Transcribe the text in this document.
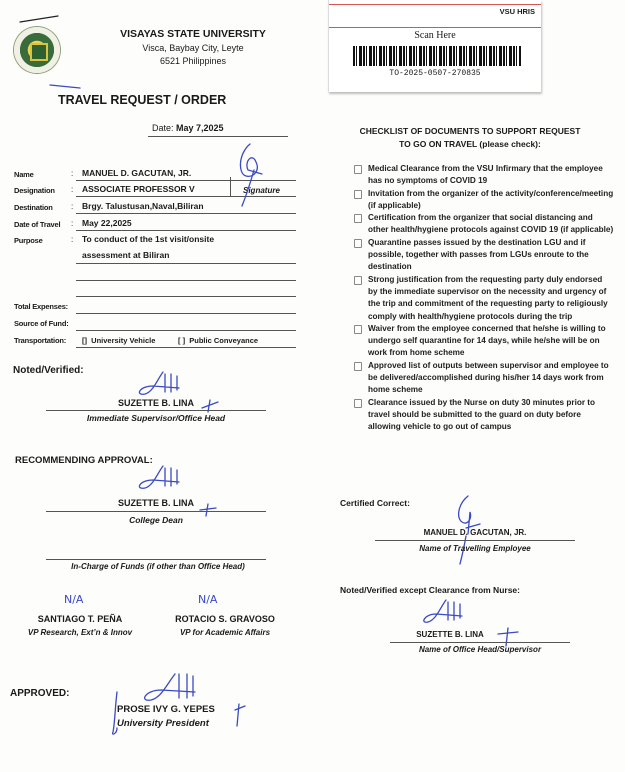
VISAYAS STATE UNIVERSITY
Visca, Baybay City, Leyte
6521 Philippines
TRAVEL REQUEST / ORDER
Date: May 7,2025
VSU HRIS
Scan Here
TO-2025-0507-270835
Name	: MANUEL D. GACUTAN, JR.
Designation : ASSOCIATE PROFESSOR V	Signature
Destination : Brgy. Talustusan,Naval,Biliran
Date of Travel : May 22,2025
Purpose	: To conduct of the 1st visit/onsite
assessment at Biliran
Total Expenses:
Source of Fund:
Transportation: [] University Vehicle	[ ] Public Conveyance
Noted/Verified:
SUZETTE B. LINA
Immediate Supervisor/Office Head
RECOMMENDING APPROVAL:
SUZETTE B. LINA
College Dean
In-Charge of Funds (if other than Office Head)
N/A
SANTIAGO T. PEÑA
VP Research, Ext’n & Innov
N/A
ROTACIO S. GRAVOSO
VP for Academic Affairs
APPROVED:
PROSE IVY G. YEPES
University President
CHECKLIST OF DOCUMENTS TO SUPPORT REQUEST
TO GO ON TRAVEL (please check):
Medical Clearance from the VSU Infirmary that the employee has no symptoms of COVID 19
Invitation from the organizer of the activity/conference/meeting (if applicable)
Certification from the organizer that social distancing and other health/hygiene protocols against COVID 19 (if applicable)
Quarantine passes issued by the destination LGU and if possible, together with passes from LGUs enroute to the destination
Strong justification from the requesting party duly endorsed by the immediate supervisor on the necessity and urgency of the trip and commitment of the requesting party to religiously comply with health/hygiene protocols during the trip
Waiver from the employee concerned that he/she is willing to undergo self quarantine for 14 days, while he/she will be on work from home scheme
Approved list of outputs between supervisor and employee to be delivered/accomplished during his/her 14 days work from home scheme
Clearance issued by the Nurse on duty 30 minutes prior to travel should be submitted to the guard on duty before allowing vehicle to go out of campus
Certified Correct:
MANUEL D. GACUTAN, JR.
Name of Travelling Employee
Noted/Verified except Clearance from Nurse:
SUZETTE B. LINA
Name of Office Head/Supervisor
